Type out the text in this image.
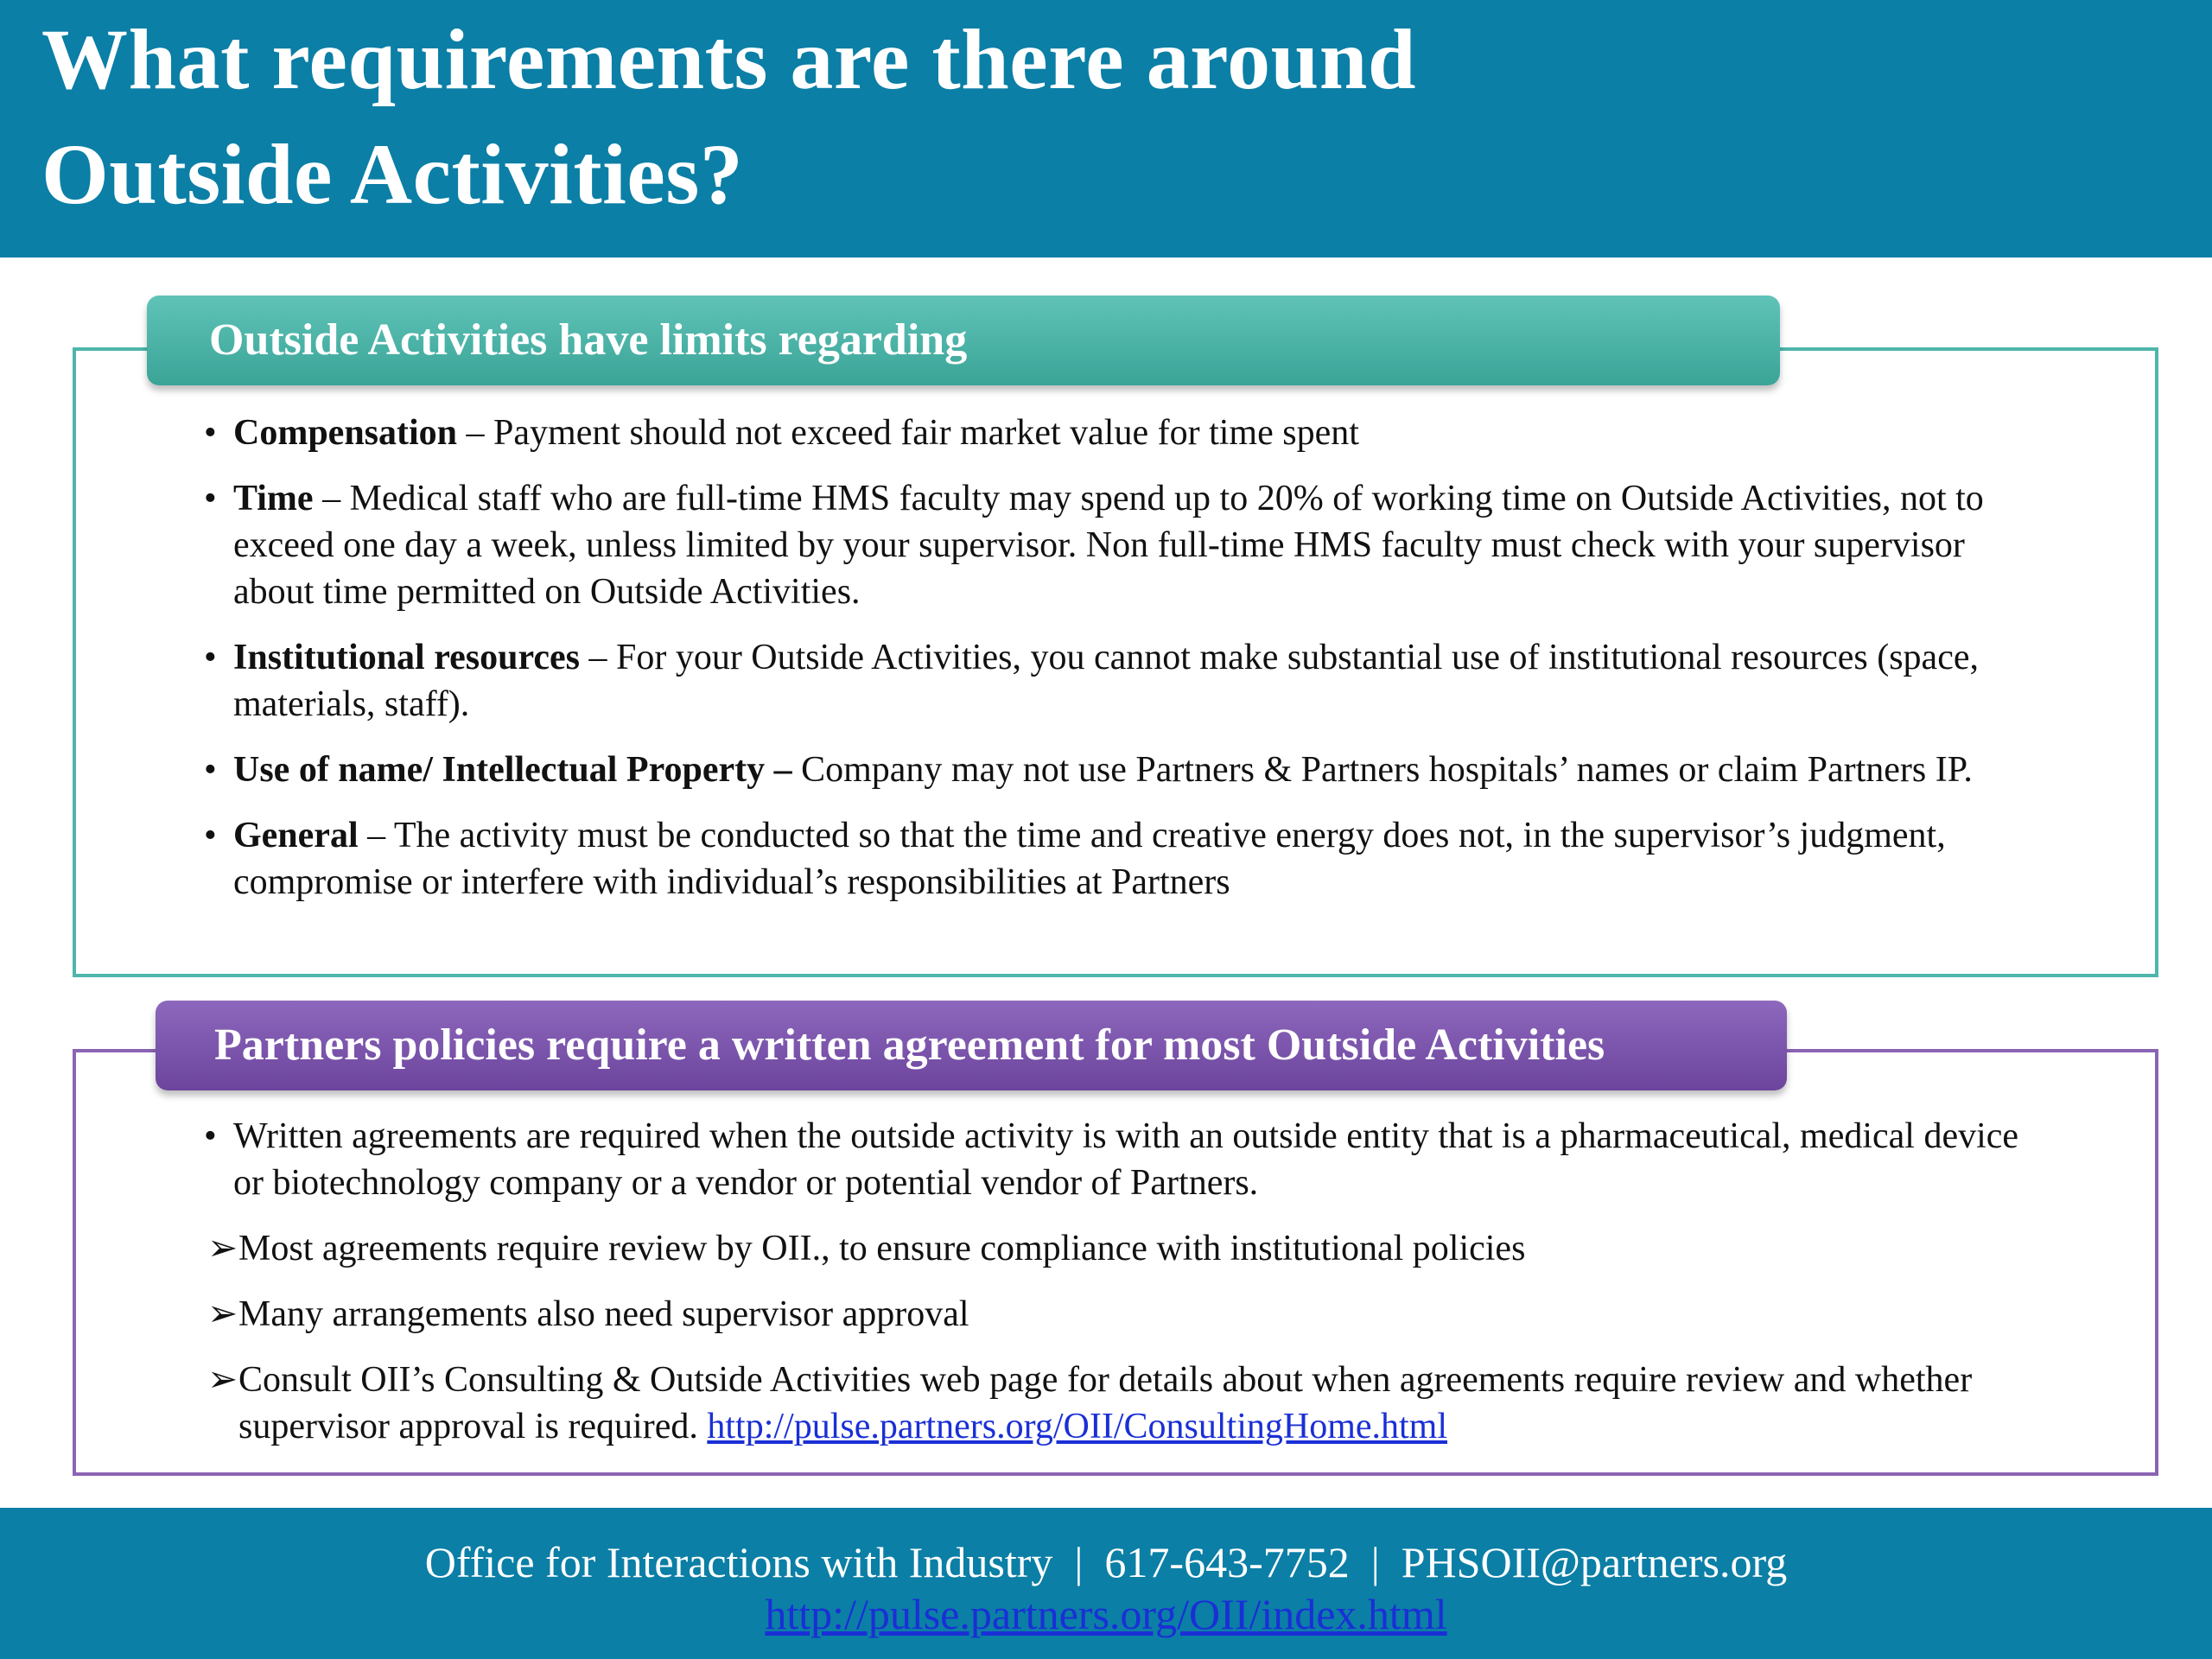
What requirements are there around
Outside Activities?
Outside Activities have limits regarding
• Compensation – Payment should not exceed fair market value for time spent
• Time – Medical staff who are full-time HMS faculty may spend up to 20% of working time on Outside Activities, not to exceed one day a week, unless limited by your supervisor. Non full-time HMS faculty must check with your supervisor about time permitted on Outside Activities.
• Institutional resources – For your Outside Activities, you cannot make substantial use of institutional resources (space, materials, staff).
• Use of name/ Intellectual Property – Company may not use Partners & Partners hospitals’ names or claim Partners IP.
• General – The activity must be conducted so that the time and creative energy does not, in the supervisor’s judgment, compromise or interfere with individual’s responsibilities at Partners
Partners policies require a written agreement for most Outside Activities
• Written agreements are required when the outside activity is with an outside entity that is a pharmaceutical, medical device or biotechnology company or a vendor or potential vendor of Partners.
➢ Most agreements require review by OII., to ensure compliance with institutional policies
➢ Many arrangements also need supervisor approval
➢ Consult OII’s Consulting & Outside Activities web page for details about when agreements require review and whether supervisor approval is required. http://pulse.partners.org/OII/ConsultingHome.html
Office for Interactions with Industry  |  617-643-7752  |  PHSOII@partners.org
http://pulse.partners.org/OII/index.html
